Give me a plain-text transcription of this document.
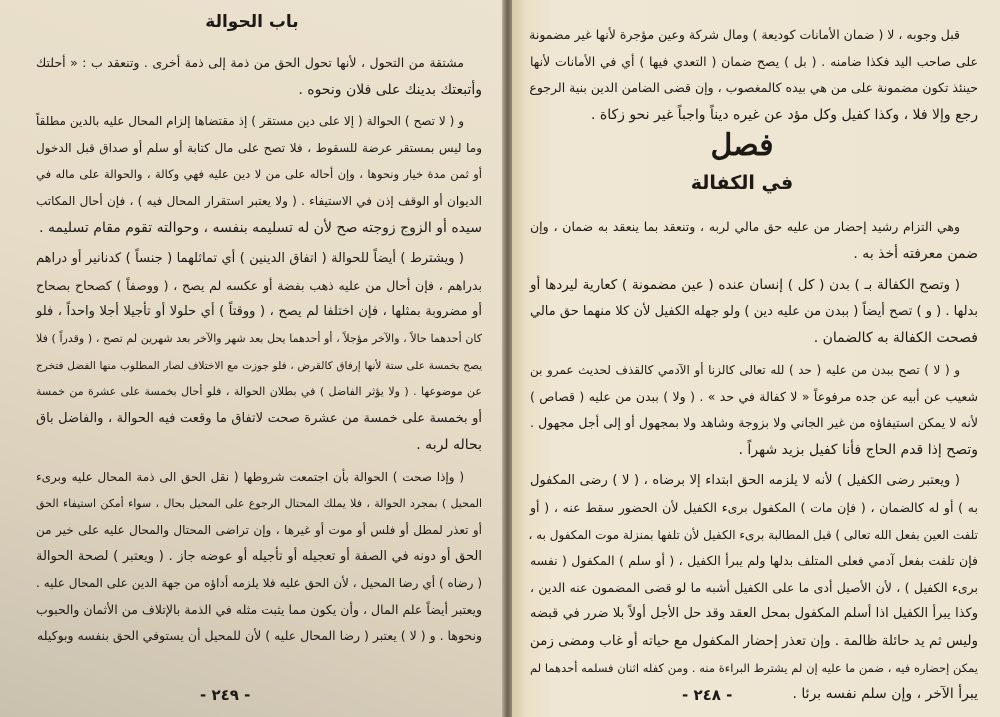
باب الحوالة
مشتقة من التحول ، لأنها تحول الحق من ذمة إلى ذمة أخرى . وتنعقد ب : « أحلتك
وأتبعتك بدينك على فلان ونحوه .
و ( لا تصح ) الحوالة ( إلا على دين مستقر ) إذ مقتضاها إلزام المحال عليه بالدين مطلقاً
وما ليس بمستقر عرضة للسقوط ، فلا تصح على مال كتابة أو سلم أو صداق قبل الدخول
أو ثمن مدة خيار ونحوها ، وإن أحاله على من لا دين عليه فهي وكالة ، والحوالة على ماله في
الديوان أو الوقف إذن في الاستيفاء . ( ولا يعتبر استقرار المحال فيه ) ، فإن أحال المكاتب
سيده أو الزوج زوجته صح لأن له تسليمه بنفسه ، وحوالته تقوم مقام تسليمه .
( ويشترط ) أيضاً للحوالة ( اتفاق الدينين ) أي تماثلهما ( جنساً ) كدنانير أو دراهم
بدراهم ، فإن أحال من عليه ذهب بفضة أو عكسه لم يصح ، ( ووصفاً ) كصحاح بصحاح
أو مضروبة بمثلها ، فإن اختلفا لم يصح ، ( ووقتاً ) أي حلولا أو تأجيلا أجلا واحداً ، فلو
كان أحدهما حالاً ، والآخر مؤجلاً ، أو أحدهما يحل بعد شهر والآخر بعد شهرين لم تصح ، ( وقدراً ) فلا
يصح بخمسة على ستة لأنها إرفاق كالقرض ، فلو جوزت مع الاختلاف لصار المطلوب منها الفضل فتخرج
عن موضوعها . ( ولا يؤثر الفاضل ) في بطلان الحوالة ، فلو أحال بخمسة على عشرة من خمسة
أو بخمسة على خمسة من عشرة صحت لاتفاق ما وقعت فيه الحوالة ، والفاضل باق
بحاله لربه .
( وإذا صحت ) الحوالة بأن اجتمعت شروطها ( نقل الحق الى ذمة المحال عليه وبرىء
المحيل ) بمجرد الحوالة ، فلا يملك المحتال الرجوع على المحيل بحال ، سواء أمكن استيفاء الحق
أو تعذر لمطل أو فلس أو موت أو غيرها ، وإن تراضى المحتال والمحال عليه على خير من
الحق أو دونه في الصفة أو تعجيله أو تأجيله أو عوضه جاز . ( ويعتبر ) لصحة الحوالة
( رضاه ) أي رضا المحيل ، لأن الحق عليه فلا يلزمه أداؤه من جهة الدين على المحال عليه .
ويعتبر أيضاً علم المال ، وأن يكون مما يثبت مثله في الذمة بالإتلاف من الأثمان والحبوب
ونحوها . و ( لا ) يعتبر ( رضا المحال عليه ) لأن للمحيل أن يستوفي الحق بنفسه وبوكيله
- ٢٤٩ -
قبل وجوبه ، لا ( ضمان الأمانات كوديعة ) ومال شركة وعين مؤجرة لأنها غير مضمونة
على صاحب اليد فكذا ضامنه . ( بل ) يصح ضمان ( التعدي فيها ) أي في الأمانات لأنها
حينئذ تكون مضمونة على من هي بيده كالمغصوب ، وإن قضى الضامن الدين بنية الرجوع
رجع وإلا فلا ، وكذا كفيل وكل مؤد عن غيره ديناً واجباً غير نحو زكاة .
فصل
في الكفالة
وهي التزام رشيد إحضار من عليه حق مالي لربه ، وتنعقد بما ينعقد به ضمان ، وإن
ضمن معرفته أخذ به .
( وتصح الكفالة بـ ) بدن ( كل ) إنسان عنده ( عين مضمونة ) كعارية ليردها أو
بدلها . ( و ) تصح أيضاً ( ببدن من عليه دين ) ولو جهله الكفيل لأن كلا منهما حق مالي
فصحت الكفالة به كالضمان .
و ( لا ) تصح ببدن من عليه ( حد ) لله تعالى كالزنا أو الآدمي كالقذف لحديث عمرو بن
شعيب عن أبيه عن جده مرفوعاً « لا كفالة في حد » . ( ولا ) ببدن من عليه ( قصاص )
لأنه لا يمكن استيفاؤه من غير الجاني ولا بزوجة وشاهد ولا بمجهول أو إلى أجل مجهول .
وتصح إذا قدم الحاج فأنا كفيل بزيد شهراً .
( ويعتبر رضى الكفيل ) لأنه لا يلزمه الحق ابتداء إلا برضاه ، ( لا ) رضى المكفول
به ) أو له كالضمان ، ( فإن مات ) المكفول برىء الكفيل لأن الحضور سقط عنه ، ( أو
تلفت العين بفعل الله تعالى ) قبل المطالبة برىء الكفيل لأن تلفها بمنزلة موت المكفول به ،
فإن تلفت بفعل آدمي فعلى المتلف بدلها ولم يبرأ الكفيل ، ( أو سلم ) المكفول ( نفسه
برىء الكفيل ) ، لأن الأصيل أدى ما على الكفيل أشبه ما لو قضى المضمون عنه الدين ،
وكذا يبرأ الكفيل اذا أسلم المكفول بمحل العقد وقد حل الأجل أولاً بلا ضرر في قبضه
وليس ثم يد حائلة ظالمة . وإن تعذر إحضار المكفول مع حياته أو غاب ومضى زمن
يمكن إحضاره فيه ، ضمن ما عليه إن لم يشترط البراءة منه . ومن كفله اثنان فسلمه أحدهما لم
يبرأ الآخر ، وإن سلم نفسه برئا .
- ٢٤٨ -
